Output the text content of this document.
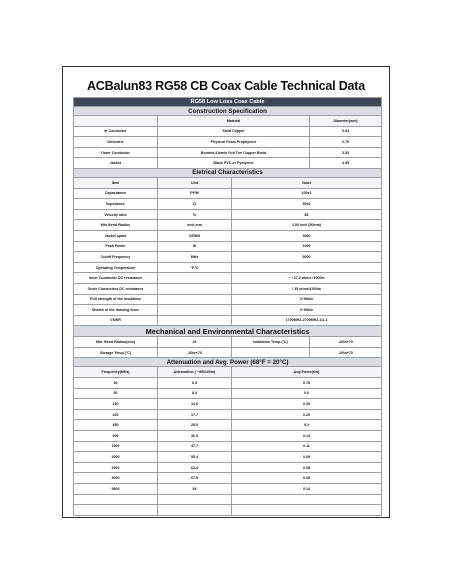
ACBalun83 RG58 CB Coax Cable Technical Data
RG58 Low Loss Coax Cable			
Construction Specification			
	Material		Diameter(mm)
In Conductor	Solid Copper		0.94
Dielectric	Physical Foam Prophylene		2.79
Outer Conductor	Bonded Alumin Foil Tnn Copper Braid		3.53
Jacket	Black PVC or Pyelylene		4.95
Eletrical Characteristics			
Item	Unit	Value	
Capacitance	PF/M	100±2	
Impedance	Ω	50±2	
Velocity ratio	%	86	
Min Bend Radius	inch,mm	1.95 inch (50mm)	
Jacket spark	V/RMS	3000	
Peak Power	W	1000	
Cutoff Frequency	MHz	5000	
Operating Temperature	°F,°C		
Inner Conductor DC resistance		~ ! 27.2 ohms /1000m	
Outer Conductors DC resistance		! 45 ohms/1000m	
Pull strength of the insulation		3~9lb/in	
Sheath of the drawing force		3~9lb/in	
VSWR		1700MHZ-2700MHZ,1/1.3	
Mechanical and Environmental Characteristics			
Min. Bend Radius(mm)	25	Istallation Temp.(°C)	-20to+70
Storage Temp.(°C)	-20to+70		-20to+70
Attenuation and Avg. Power (68°F = 20°C)			
Frequency(MHz)	Attenuation ( ~dB/100m)	Avg.Pover(Kw)	
30	6.5	0.78	
50	8.4	0.6	
150	14.6	0.35	
220	17.7	0.29	
450	25.5	0.2	
900	36.5	0.14	
1500	47.7	0.11	
2000	55.4	0.09	
2500	62.4	0.08	
3000	67.5	0.08	
5800	93	0.14	
